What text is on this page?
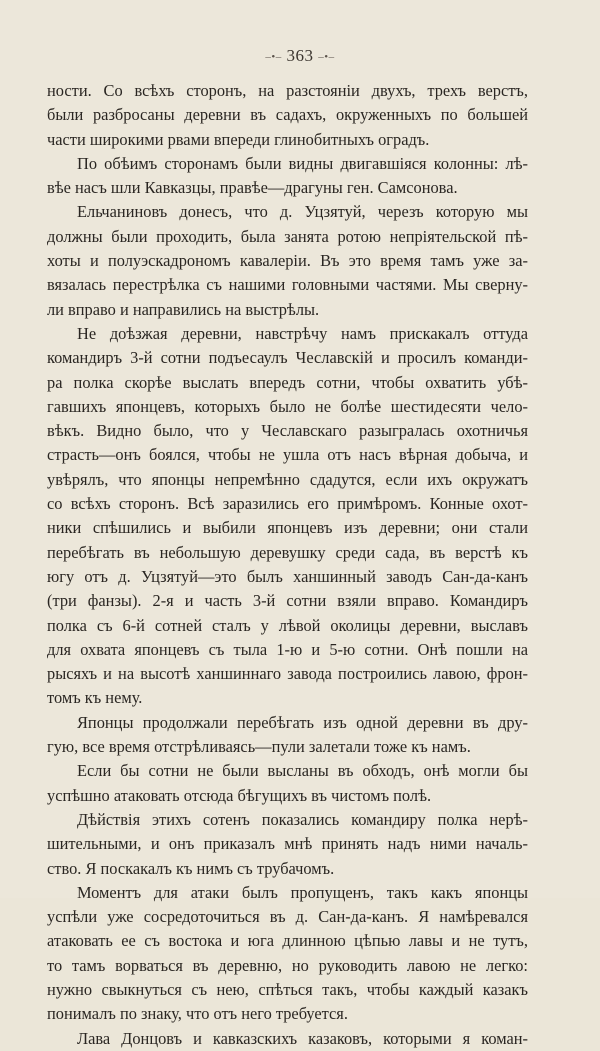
–•– 363 –•–
ности. Со всѣхъ сторонъ, на разстояніи двухъ, трехъ верстъ,
были разбросаны деревни въ садахъ, окруженныхъ по большей
части широкими рвами впереди глинобитныхъ оградъ.
По обѣимъ сторонамъ были видны двигавшіяся колонны: лѣ-
вѣе насъ шли Кавказцы, правѣе—драгуны ген. Самсонова.
Ельчаниновъ донесъ, что д. Уцзятуй, черезъ которую мы
должны были проходить, была занята ротою непріятельской пѣ-
хоты и полуэскадрономъ кавалеріи. Въ это время тамъ уже за-
вязалась перестрѣлка съ нашими головными частями. Мы сверну-
ли вправо и направились на выстрѣлы.
Не доѣзжая деревни, навстрѣчу намъ прискакалъ оттуда
командиръ 3-й сотни подъесаулъ Чеславскій и просилъ команди-
ра полка скорѣе выслать впередъ сотни, чтобы охватить убѣ-
гавшихъ японцевъ, которыхъ было не болѣе шестидесяти чело-
вѣкъ. Видно было, что у Чеславскаго разыгралась охотничья
страсть—онъ боялся, чтобы не ушла отъ насъ вѣрная добыча, и
увѣрялъ, что японцы непремѣнно сдадутся, если ихъ окружатъ
со всѣхъ сторонъ. Всѣ заразились его примѣромъ. Конные охот-
ники спѣшились и выбили японцевъ изъ деревни; они стали
перебѣгать въ небольшую деревушку среди сада, въ верстѣ къ
югу отъ д. Уцзятуй—это былъ ханшинный заводъ Сан-да-канъ
(три фанзы). 2-я и часть 3-й сотни взяли вправо. Командиръ
полка съ 6-й сотней сталъ у лѣвой околицы деревни, выславъ
для охвата японцевъ съ тыла 1-ю и 5-ю сотни. Онѣ пошли на
рысяхъ и на высотѣ ханшиннаго завода построились лавою, фрон-
томъ къ нему.
Японцы продолжали перебѣгать изъ одной деревни въ дру-
гую, все время отстрѣливаясь—пули залетали тоже къ намъ.
Если бы сотни не были высланы въ обходъ, онѣ могли бы
успѣшно атаковать отсюда бѣгущихъ въ чистомъ полѣ.
Дѣйствія этихъ сотенъ показались командиру полка нерѣ-
шительными, и онъ приказалъ мнѣ принять надъ ними началь-
ство. Я поскакалъ къ нимъ съ трубачомъ.
Моментъ для атаки былъ пропущенъ, такъ какъ японцы
успѣли уже сосредоточиться въ д. Сан-да-канъ. Я намѣревался
атаковать ее съ востока и юга длинною цѣпью лавы и не тутъ,
то тамъ ворваться въ деревню, но руководить лавою не легко:
нужно свыкнуться съ нею, спѣться такъ, чтобы каждый казакъ
понималъ по знаку, что отъ него требуется.
Лава Донцовъ и кавказскихъ казаковъ, которыми я коман-
